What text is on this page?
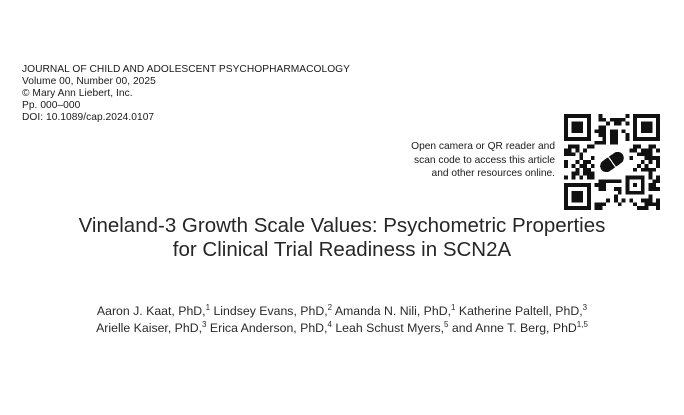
JOURNAL OF CHILD AND ADOLESCENT PSYCHOPHARMACOLOGY
Volume 00, Number 00, 2025
© Mary Ann Liebert, Inc.
Pp. 000–000
DOI: 10.1089/cap.2024.0107
Open camera or QR reader and
scan code to access this article
and other resources online.
Vineland-3 Growth Scale Values: Psychometric Properties
for Clinical Trial Readiness in SCN2A
Aaron J. Kaat, PhD,$^1$ Lindsey Evans, PhD,$^2$ Amanda N. Nili, PhD,$^1$ Katherine Paltell, PhD,$^3$
Arielle Kaiser, PhD,$^3$ Erica Anderson, PhD,$^4$ Leah Schust Myers,$^5$ and Anne T. Berg, PhD$^{1,5}$
